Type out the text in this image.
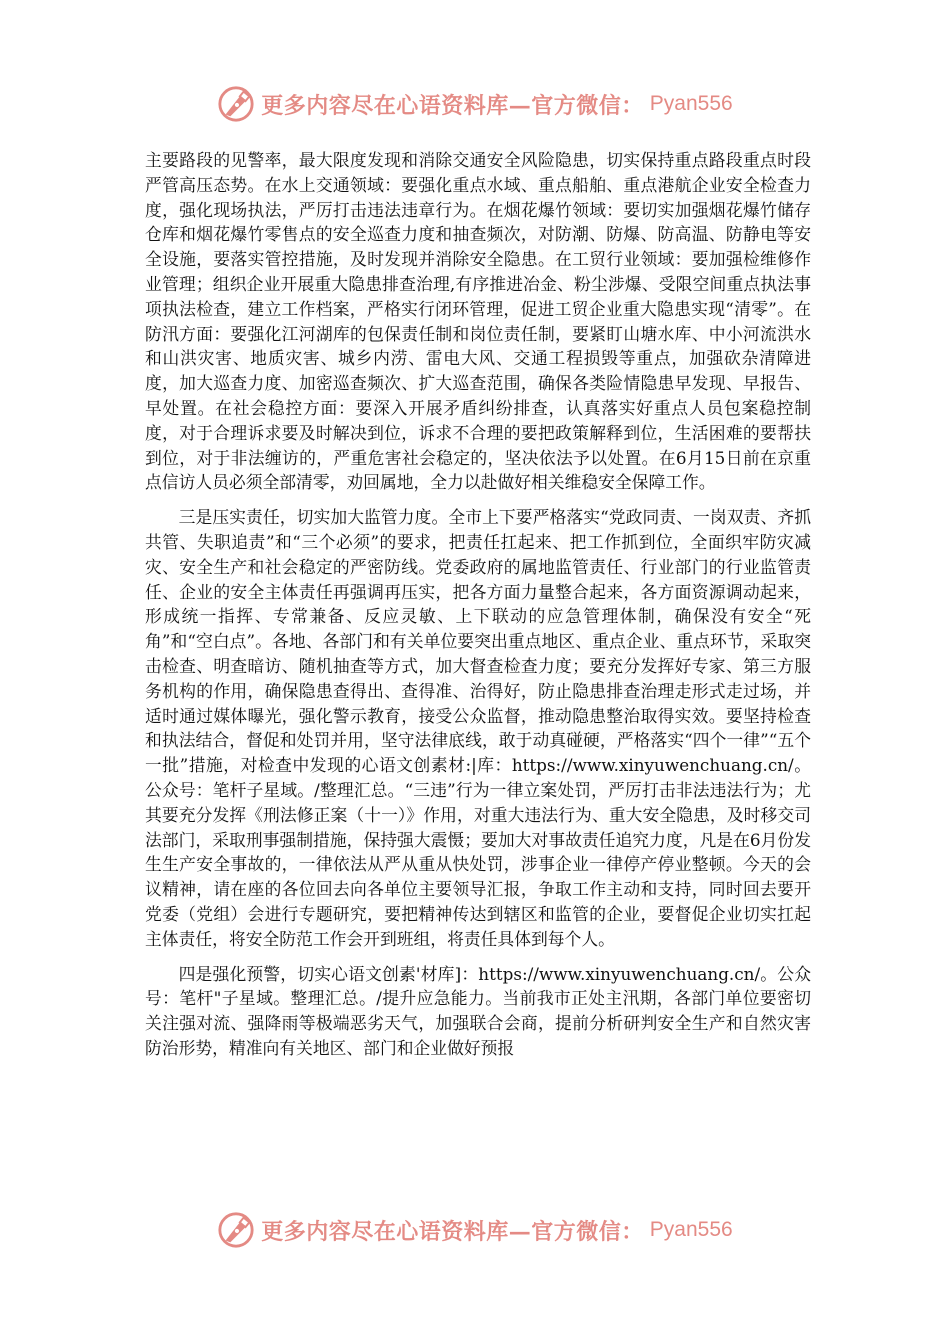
更多内容尽在心语资料库—官方微信： Pyan556

主要路段的见警率，最大限度发现和消除交通安全风险隐患，切实保持重点路段重点时段严管高压态势。在水上交通领域：要强化重点水域、重点船舶、重点港航企业安全检查力度，强化现场执法，严厉打击违法违章行为。在烟花爆竹领域：要切实加强烟花爆竹储存仓库和烟花爆竹零售点的安全巡查力度和抽查频次，对防潮、防爆、防高温、防静电等安全设施，要落实管控措施，及时发现并消除安全隐患。在工贸行业领域：要加强检维修作业管理；组织企业开展重大隐患排查治理,有序推进冶金、粉尘涉爆、受限空间重点执法事项执法检查，建立工作档案，严格实行闭环管理，促进工贸企业重大隐患实现“清零”。在防汛方面：要强化江河湖库的包保责任制和岗位责任制，要紧盯山塘水库、中小河流洪水和山洪灾害、地质灾害、城乡内涝、雷电大风、交通工程损毁等重点，加强砍杂清障进度，加大巡查力度、加密巡查频次、扩大巡查范围，确保各类险情隐患早发现、早报告、早处置。在社会稳控方面：要深入开展矛盾纠纷排查，认真落实好重点人员包案稳控制度，对于合理诉求要及时解决到位，诉求不合理的要把政策解释到位，生活困难的要帮扶到位，对于非法缠访的，严重危害社会稳定的，坚决依法予以处置。在6月15日前在京重点信访人员必须全部清零，劝回属地，全力以赴做好相关维稳安全保障工作。

三是压实责任，切实加大监管力度。全市上下要严格落实“党政同责、一岗双责、齐抓共管、失职追责”和“三个必须”的要求，把责任扛起来、把工作抓到位，全面织牢防灾减灾、安全生产和社会稳定的严密防线。党委政府的属地监管责任、行业部门的行业监管责任、企业的安全主体责任再强调再压实，把各方面力量整合起来，各方面资源调动起来，形成统一指挥、专常兼备、反应灵敏、上下联动的应急管理体制，确保没有安全“死角”和“空白点”。各地、各部门和有关单位要突出重点地区、重点企业、重点环节，采取突击检查、明查暗访、随机抽查等方式，加大督查检查力度；要充分发挥好专家、第三方服务机构的作用，确保隐患查得出、查得准、治得好，防止隐患排查治理走形式走过场，并适时通过媒体曝光，强化警示教育，接受公众监督，推动隐患整治取得实效。要坚持检查和执法结合，督促和处罚并用，坚守法律底线，敢于动真碰硬，严格落实“四个一律”“五个一批”措施，对检查中发现的心语文创素材:|库：https://www.xinyuwenchuang.cn/。公众号：笔杆子星域。/整理汇总。“三违”行为一律立案处罚，严厉打击非法违法行为；尤其要充分发挥《刑法修正案（十一）》作用，对重大违法行为、重大安全隐患，及时移交司法部门，采取刑事强制措施，保持强大震慑；要加大对事故责任追究力度，凡是在6月份发生生产安全事故的，一律依法从严从重从快处罚，涉事企业一律停产停业整顿。今天的会议精神，请在座的各位回去向各单位主要领导汇报，争取工作主动和支持，同时回去要开党委（党组）会进行专题研究，要把精神传达到辖区和监管的企业，要督促企业切实扛起主体责任，将安全防范工作会开到班组，将责任具体到每个人。

四是强化预警，切实心语文创素'材库]：https://www.xinyuwenchuang.cn/。公众号：笔杆"子星域。整理汇总。/提升应急能力。当前我市正处主汛期，各部门单位要密切关注强对流、强降雨等极端恶劣天气，加强联合会商，提前分析研判安全生产和自然灾害防治形势，精准向有关地区、部门和企业做好预报

更多内容尽在心语资料库—官方微信： Pyan556
